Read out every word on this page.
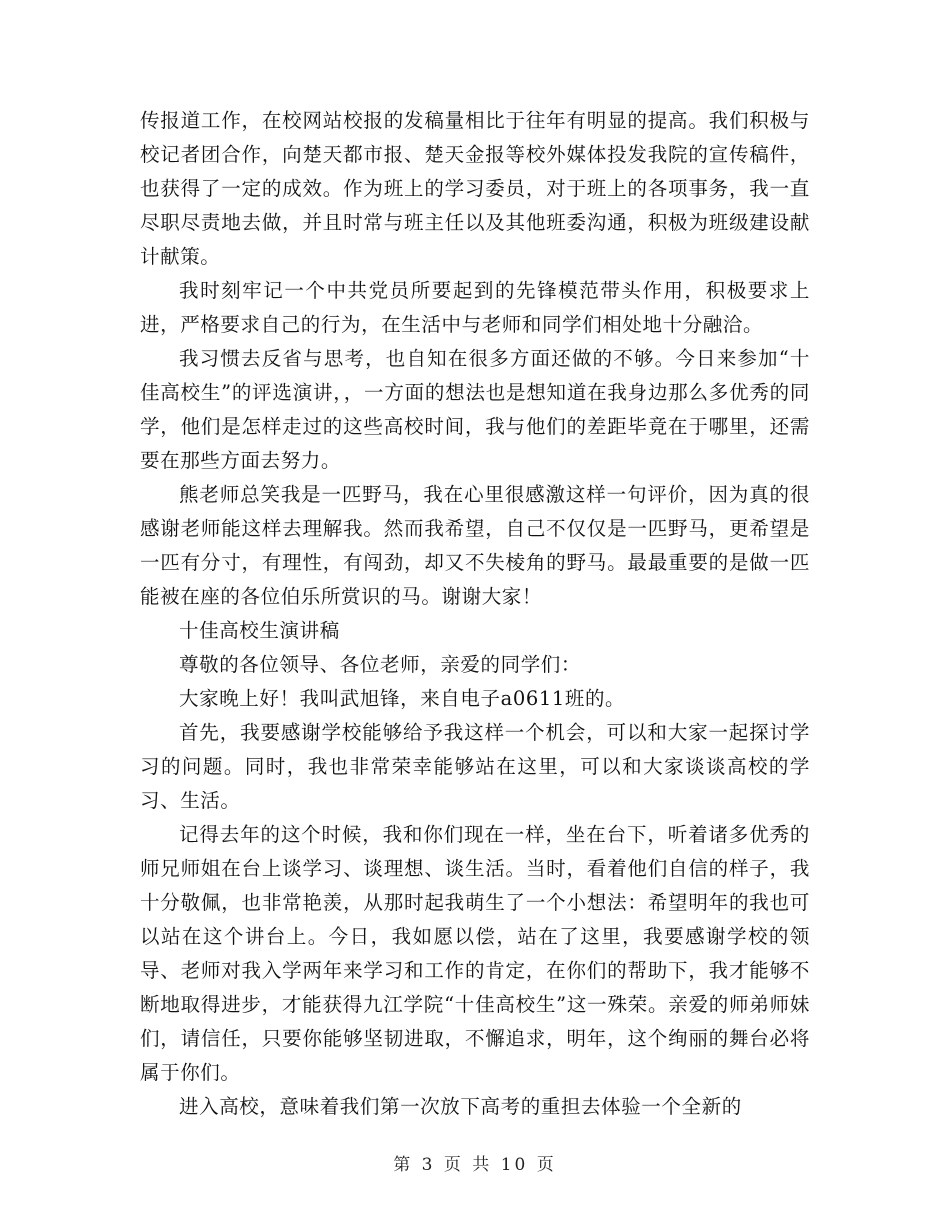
传报道工作，在校网站校报的发稿量相比于往年有明显的提高。我们积极与校记者团合作，向楚天都市报、楚天金报等校外媒体投发我院的宣传稿件，也获得了一定的成效。作为班上的学习委员，对于班上的各项事务，我一直尽职尽责地去做，并且时常与班主任以及其他班委沟通，积极为班级建设献计献策。

我时刻牢记一个中共党员所要起到的先锋模范带头作用，积极要求上进，严格要求自己的行为，在生活中与老师和同学们相处地十分融洽。

我习惯去反省与思考，也自知在很多方面还做的不够。今日来参加“十佳高校生”的评选演讲，，一方面的想法也是想知道在我身边那么多优秀的同学，他们是怎样走过的这些高校时间，我与他们的差距毕竟在于哪里，还需要在那些方面去努力。

熊老师总笑我是一匹野马，我在心里很感激这样一句评价，因为真的很感谢老师能这样去理解我。然而我希望，自己不仅仅是一匹野马，更希望是一匹有分寸，有理性，有闯劲，却又不失棱角的野马。最最重要的是做一匹能被在座的各位伯乐所赏识的马。谢谢大家！

十佳高校生演讲稿

尊敬的各位领导、各位老师，亲爱的同学们：

大家晚上好！我叫武旭锋，来自电子a0611班的。

首先，我要感谢学校能够给予我这样一个机会，可以和大家一起探讨学习的问题。同时，我也非常荣幸能够站在这里，可以和大家谈谈高校的学习、生活。

记得去年的这个时候，我和你们现在一样，坐在台下，听着诸多优秀的师兄师姐在台上谈学习、谈理想、谈生活。当时，看着他们自信的样子，我十分敬佩，也非常艳羡，从那时起我萌生了一个小想法：希望明年的我也可以站在这个讲台上。今日，我如愿以偿，站在了这里，我要感谢学校的领导、老师对我入学两年来学习和工作的肯定，在你们的帮助下，我才能够不断地取得进步，才能获得九江学院“十佳高校生”这一殊荣。亲爱的师弟师妹们，请信任，只要你能够坚韧进取，不懈追求，明年，这个绚丽的舞台必将属于你们。

进入高校，意味着我们第一次放下高考的重担去体验一个全新的

第 3 页 共 10 页
